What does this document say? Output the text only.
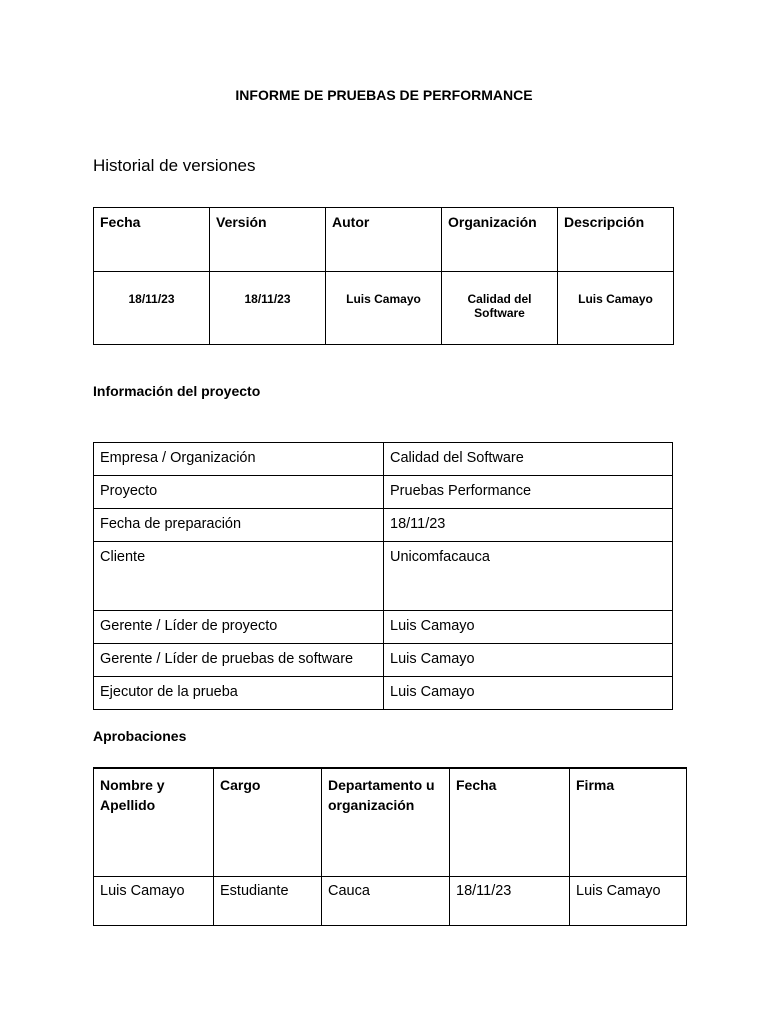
INFORME DE PRUEBAS DE PERFORMANCE
Historial de versiones
Fecha	Versión	Autor	Organización	Descripción
18/11/23	18/11/23	Luis Camayo	Calidad del Software	Luis Camayo
Información del proyecto
Empresa / Organización	Calidad del Software
Proyecto	Pruebas Performance
Fecha de preparación	18/11/23
Cliente	Unicomfacauca
Gerente / Líder de proyecto	Luis Camayo
Gerente / Líder de pruebas de software	Luis Camayo
Ejecutor de la prueba	Luis Camayo
Aprobaciones
Nombre y Apellido	Cargo	Departamento u organización	Fecha	Firma
Luis Camayo	Estudiante	Cauca	18/11/23	Luis Camayo
